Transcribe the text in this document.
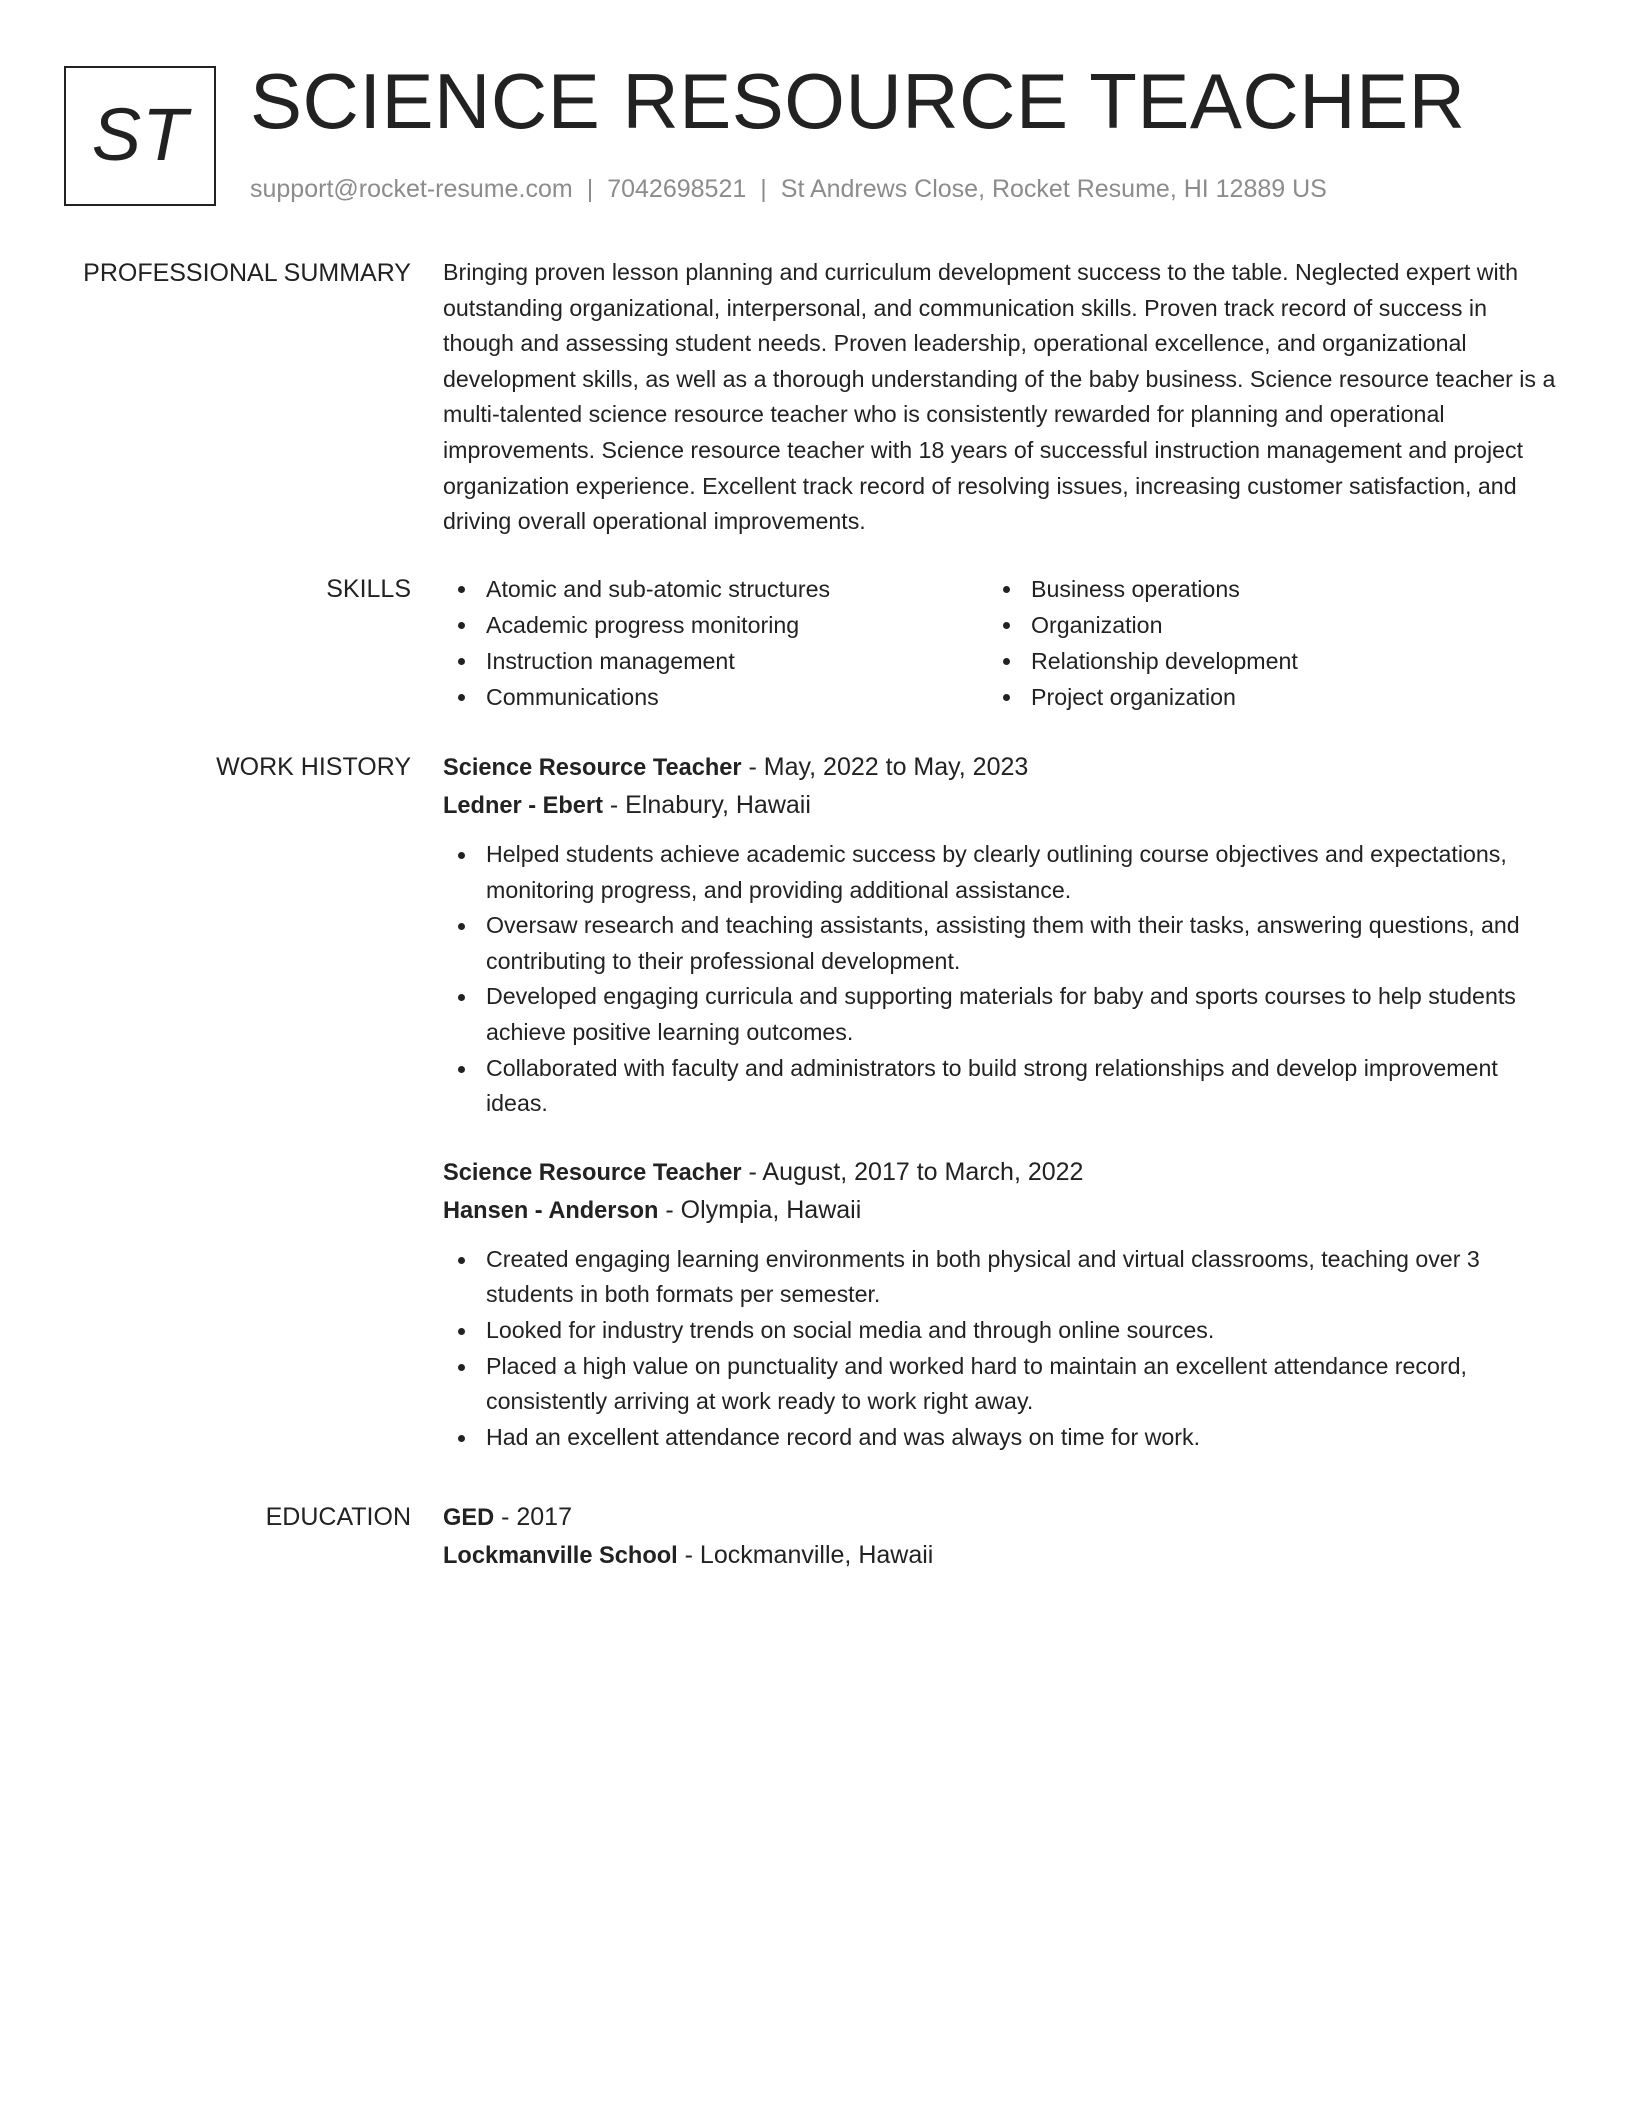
ST SCIENCE RESOURCE TEACHER
support@rocket-resume.com | 7042698521 | St Andrews Close, Rocket Resume, HI 12889 US
PROFESSIONAL SUMMARY Bringing proven lesson planning and curriculum development success to the table. Neglected expert with outstanding organizational, interpersonal, and communication skills. Proven track record of success in though and assessing student needs. Proven leadership, operational excellence, and organizational development skills, as well as a thorough understanding of the baby business. Science resource teacher is a multi-talented science resource teacher who is consistently rewarded for planning and operational improvements. Science resource teacher with 18 years of successful instruction management and project organization experience. Excellent track record of resolving issues, increasing customer satisfaction, and driving overall operational improvements.

SKILLS	Atomic and sub-atomic structures
Academic progress monitoring
Instruction management
Communications
Business operations
Organization
Relationship development
Project organization
WORK HISTORY Science Resource Teacher - May, 2022 to May, 2023
Ledner - Ebert - Elnabury, Hawaii
Helped students achieve academic success by clearly outlining course objectives and expectations, monitoring progress, and providing additional assistance.
Oversaw research and teaching assistants, assisting them with their tasks, answering questions, and contributing to their professional development.
Developed engaging curricula and supporting materials for baby and sports courses to help students achieve positive learning outcomes.
Collaborated with faculty and administrators to build strong relationships and develop improvement ideas.
Science Resource Teacher - August, 2017 to March, 2022
Hansen - Anderson - Olympia, Hawaii
Created engaging learning environments in both physical and virtual classrooms, teaching over 3 students in both formats per semester.
Looked for industry trends on social media and through online sources.
Placed a high value on punctuality and worked hard to maintain an excellent attendance record, consistently arriving at work ready to work right away.
Had an excellent attendance record and was always on time for work.
EDUCATION GED - 2017
Lockmanville School - Lockmanville, Hawaii
